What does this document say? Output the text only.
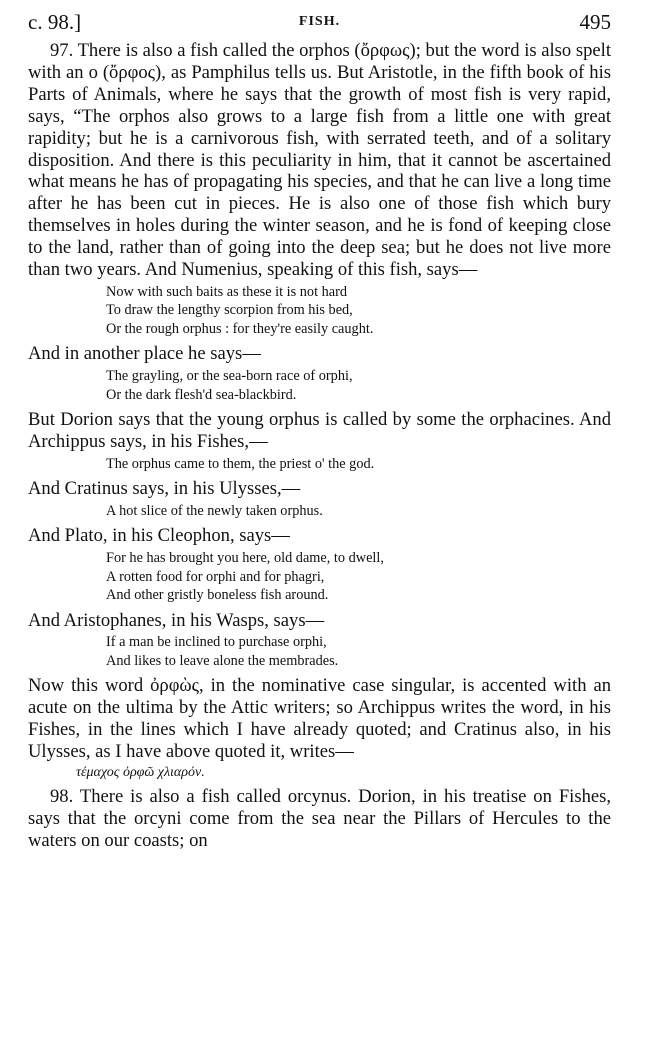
c. 98.]	FISH.	495

97. There is also a fish called the orphos (ὄρφως); but the word is also spelt with an o (ὄρφος), as Pamphilus tells us. But Aristotle, in the fifth book of his Parts of Animals, where he says that the growth of most fish is very rapid, says, “The orphos also grows to a large fish from a little one with great rapidity; but he is a carnivorous fish, with serrated teeth, and of a solitary disposition. And there is this peculiarity in him, that it cannot be ascertained what means he has of propagating his species, and that he can live a long time after he has been cut in pieces. He is also one of those fish which bury themselves in holes during the winter season, and he is fond of keeping close to the land, rather than of going into the deep sea; but he does not live more than two years. And Numenius, speaking of this fish, says—

Now with such baits as these it is not hard
To draw the lengthy scorpion from his bed,
Or the rough orphus : for they're easily caught.

And in another place he says—

The grayling, or the sea-born race of orphi,
Or the dark flesh'd sea-blackbird.

But Dorion says that the young orphus is called by some the orphacines. And Archippus says, in his Fishes,—

The orphus came to them, the priest o' the god.

And Cratinus says, in his Ulysses,—

A hot slice of the newly taken orphus.

And Plato, in his Cleophon, says—

For he has brought you here, old dame, to dwell,
A rotten food for orphi and for phagri,
And other gristly boneless fish around.

And Aristophanes, in his Wasps, says—

If a man be inclined to purchase orphi,
And likes to leave alone the membrades.

Now this word ὀρφὼς, in the nominative case singular, is accented with an acute on the ultima by the Attic writers; so Archippus writes the word, in his Fishes, in the lines which I have already quoted; and Cratinus also, in his Ulysses, as I have above quoted it, writes—

τέμαχος ὀρφῶ χλιαρόν.

98. There is also a fish called orcynus. Dorion, in his treatise on Fishes, says that the orcyni come from the sea near the Pillars of Hercules to the waters on our coasts; on
